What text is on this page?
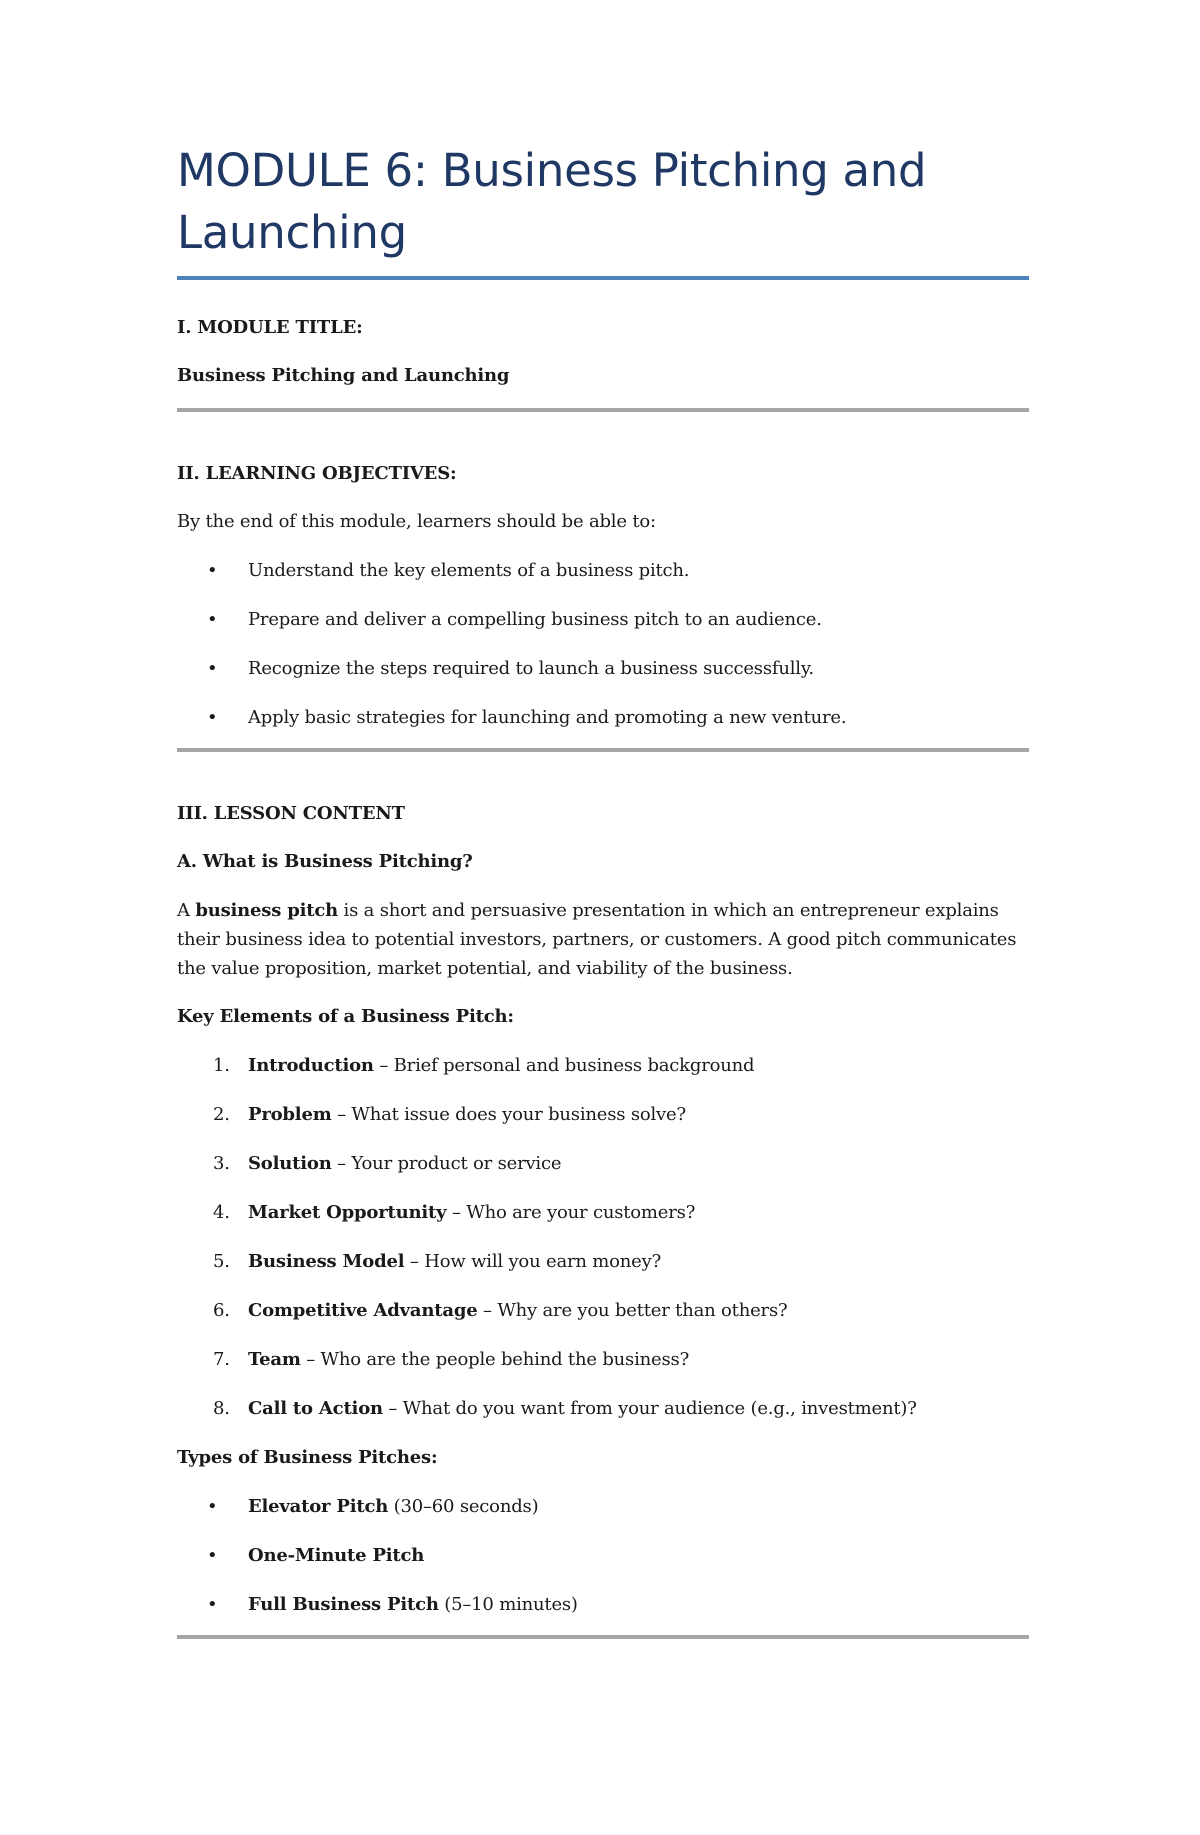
MODULE 6: Business Pitching and Launching

I. MODULE TITLE:

Business Pitching and Launching

II. LEARNING OBJECTIVES:

By the end of this module, learners should be able to:

• Understand the key elements of a business pitch.
• Prepare and deliver a compelling business pitch to an audience.
• Recognize the steps required to launch a business successfully.
• Apply basic strategies for launching and promoting a new venture.

III. LESSON CONTENT

A. What is Business Pitching?

A business pitch is a short and persuasive presentation in which an entrepreneur explains their business idea to potential investors, partners, or customers. A good pitch communicates the value proposition, market potential, and viability of the business.

Key Elements of a Business Pitch:

1. Introduction – Brief personal and business background
2. Problem – What issue does your business solve?
3. Solution – Your product or service
4. Market Opportunity – Who are your customers?
5. Business Model – How will you earn money?
6. Competitive Advantage – Why are you better than others?
7. Team – Who are the people behind the business?
8. Call to Action – What do you want from your audience (e.g., investment)?

Types of Business Pitches:

• Elevator Pitch (30–60 seconds)
• One-Minute Pitch
• Full Business Pitch (5–10 minutes)
